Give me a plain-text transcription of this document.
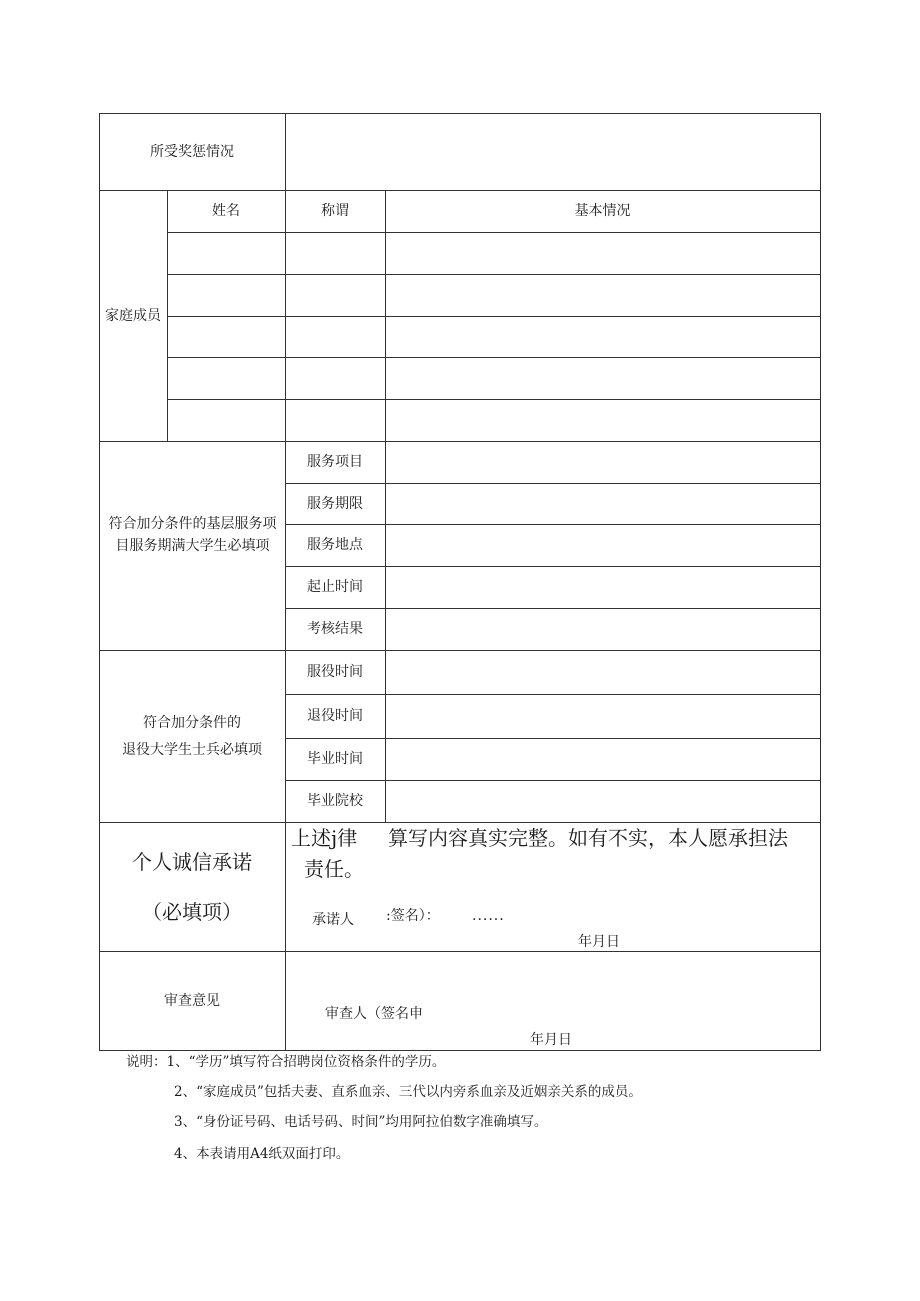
所受奖惩情况
家庭成员
姓名	称谓	基本情况
符合加分条件的基层服务项目服务期满大学生必填项
服务项目
服务期限
服务地点
起止时间
考核结果
符合加分条件的
退役大学生士兵必填项
服役时间
退役时间
毕业时间
毕业院校
个人诚信承诺
（必填项）
上述j律 算写内容真实完整。如有不实，本人愿承担法
责任。
承诺人 :签名）： ......
年月日
审查意见
审查人（签名申
年月日
说明：1、“学历”填写符合招聘岗位资格条件的学历。
2、“家庭成员”包括夫妻、直系血亲、三代以内旁系血亲及近姻亲关系的成员。
3、“身份证号码、电话号码、时间”均用阿拉伯数字准确填写。
4、本表请用A4纸双面打印。
